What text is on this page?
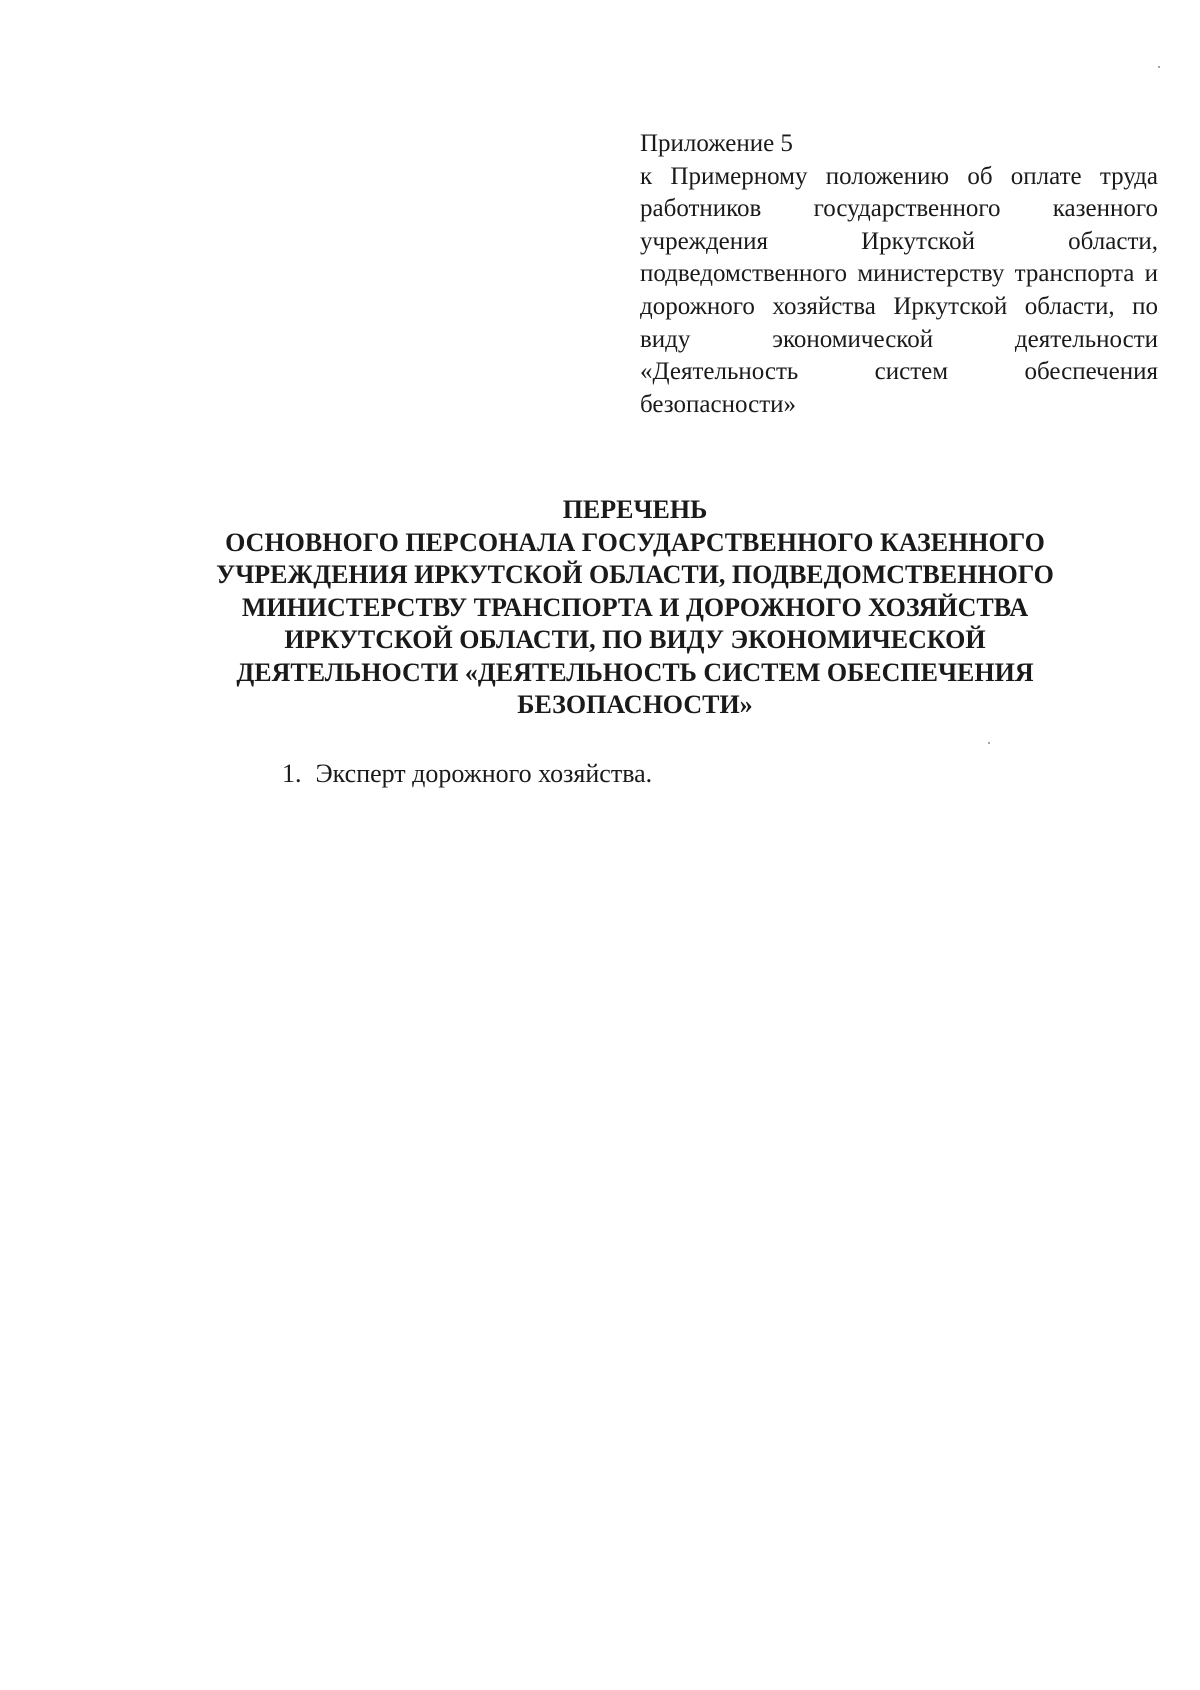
Приложение 5
к Примерному положению об оплате труда работников государственного казенного учреждения Иркутской области, подведомственного министерству транспорта и дорожного хозяйства Иркутской области, по виду экономической деятельности «Деятельность систем обеспечения безопасности»
ПЕРЕЧЕНЬ
ОСНОВНОГО ПЕРСОНАЛА ГОСУДАРСТВЕННОГО КАЗЕННОГО
УЧРЕЖДЕНИЯ ИРКУТСКОЙ ОБЛАСТИ, ПОДВЕДОМСТВЕННОГО
МИНИСТЕРСТВУ ТРАНСПОРТА И ДОРОЖНОГО ХОЗЯЙСТВА
ИРКУТСКОЙ ОБЛАСТИ, ПО ВИДУ ЭКОНОМИЧЕСКОЙ
ДЕЯТЕЛЬНОСТИ «ДЕЯТЕЛЬНОСТЬ СИСТЕМ ОБЕСПЕЧЕНИЯ
БЕЗОПАСНОСТИ»
1. Эксперт дорожного хозяйства.
